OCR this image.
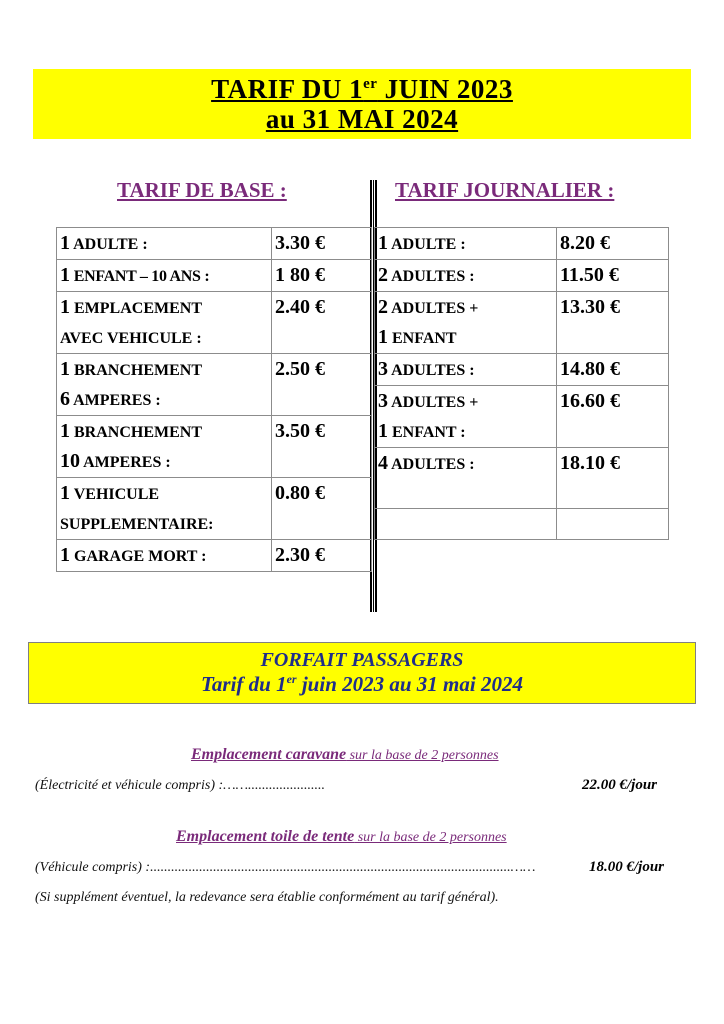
TARIF DU 1er JUIN 2023
au 31 MAI 2024
TARIF DE BASE :	TARIF JOURNALIER :
1 ADULTE :	3.30 €
1 ENFANT – 10 ANS :	1 80 €
1 EMPLACEMENT
AVEC VEHICULE :	2.40 €
1 BRANCHEMENT
6 AMPERES :	2.50 €
1 BRANCHEMENT
10 AMPERES :	3.50 €
1 VEHICULE
SUPPLEMENTAIRE:	0.80 €
1 GARAGE MORT :	2.30 €
1 ADULTE :	8.20 €
2 ADULTES :	11.50 €
2 ADULTES +
1 ENFANT	13.30 €
3 ADULTES :	14.80 €
3 ADULTES +
1 ENFANT :	16.60 €
4 ADULTES :	18.10 €

FORFAIT PASSAGERS
Tarif du 1er juin 2023 au 31 mai 2024
Emplacement caravane sur la base de 2 personnes
(Électricité et véhicule compris) :……......................	22.00 €/jour
Emplacement toile de tente sur la base de 2 personnes
(Véhicule compris) :.......................................................................................................……	18.00 €/jour
(Si supplément éventuel, la redevance sera établie conformément au tarif général).
